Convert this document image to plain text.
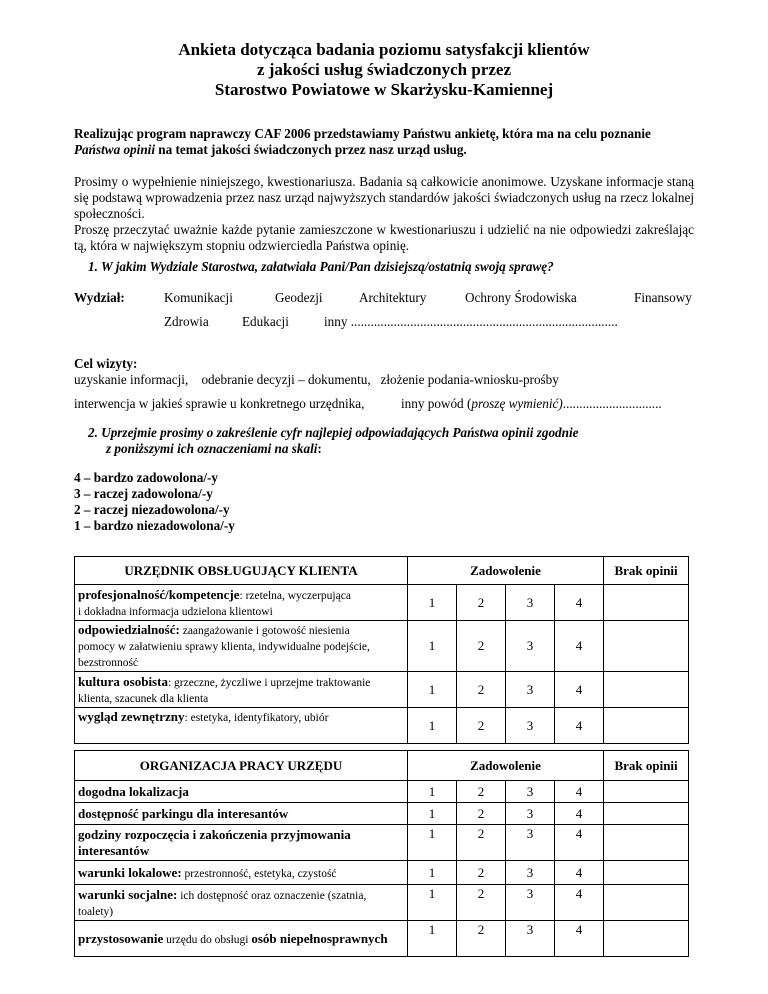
Ankieta dotycząca badania poziomu satysfakcji klientów

z jakości usług świadczonych przez

Starostwo Powiatowe w Skarżysku-Kamiennej

Realizując program naprawczy CAF 2006 przedstawiamy Państwu ankietę, która ma na celu poznanie

Państwa opinii na temat jakości świadczonych przez nasz urząd usług.

Prosimy o wypełnienie niniejszego, kwestionariusza. Badania są całkowicie anonimowe. Uzyskane informacje staną się podstawą wprowadzenia przez nasz urząd najwyższych standardów jakości świadczonych usług na rzecz lokalnej społeczności.

Proszę przeczytać uważnie każde pytanie zamieszczone w kwestionariuszu i udzielić na nie odpowiedzi zakreślając tą, która w największym stopniu odzwierciedla Państwa opinię.

1. W jakim Wydziale Starostwa, załatwiała Pani/Pan dzisiejszą/ostatnią swoją sprawę?
Wydział:	Komunikacji	Geodezji	Architektury	Ochrony Środowiska	Finansowy
Zdrowia	Edukacji	inny .................................................................................

Cel wizyty:

uzyskanie informacji,    odebranie decyzji – dokumentu,   złożenie podania-wniosku-prośby

interwencja w jakieś sprawie u konkretnego urzędnika,	inny powód (proszę wymienić)..............................
2. Uprzejmie prosimy o zakreślenie cyfr najlepiej odpowiadających Państwa opinii zgodnie
z poniższymi ich oznaczeniami na skali:

4 – bardzo zadowolona/-y

3 – raczej zadowolona/-y

2 – raczej niezadowolona/-y

1 – bardzo niezadowolona/-y

URZĘDNIK OBSŁUGUJĄCY KLIENTA	Zadowolenie				Brak opinii
profesjonalność/kompetencje: rzetelna, wyczerpująca
i dokładna informacja udzielona klientowi	1	2	3	4	
odpowiedzialność: zaangażowanie i gotowość niesienia
pomocy w załatwieniu sprawy klienta, indywidualne podejście, bezstronność	1	2	3	4	
kultura osobista: grzeczne, życzliwe i uprzejme traktowanie
klienta, szacunek dla klienta	1	2	3	4	
wygląd zewnętrzny: estetyka, identyfikatory, ubiór	1	2	3	4	
ORGANIZACJA PRACY URZĘDU	Zadowolenie				Brak opinii
dogodna lokalizacja	1	2	3	4	
dostępność parkingu dla interesantów	1	2	3	4	
godziny rozpoczęcia i zakończenia przyjmowania interesantów	1	2	3	4	
warunki lokalowe: przestronność, estetyka, czystość	1	2	3	4	
warunki socjalne: ich dostępność oraz oznaczenie (szatnia, toalety)	1	2	3	4	
przystosowanie urzędu do obsługi osób niepełnosprawnych	1	2	3	4	
